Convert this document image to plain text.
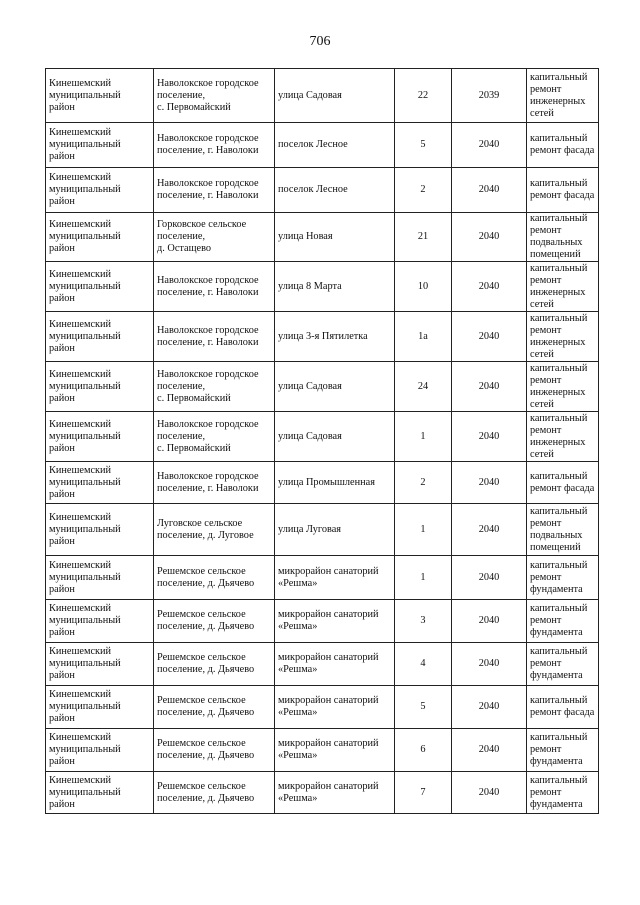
706
Кинешемский
муниципальный
район	Наволокское городское
поселение,
с. Первомайский	улица Садовая	22	2039	капитальный
ремонт
инженерных
сетей
Кинешемский
муниципальный
район	Наволокское городское
поселение, г. Наволоки	поселок Лесное	5	2040	капитальный
ремонт фасада
Кинешемский
муниципальный
район	Наволокское городское
поселение, г. Наволоки	поселок Лесное	2	2040	капитальный
ремонт фасада
Кинешемский
муниципальный
район	Горковское сельское
поселение,
д. Остащево	улица Новая	21	2040	капитальный
ремонт
подвальных
помещений
Кинешемский
муниципальный
район	Наволокское городское
поселение, г. Наволоки	улица 8 Марта	10	2040	капитальный
ремонт
инженерных
сетей
Кинешемский
муниципальный
район	Наволокское городское
поселение, г. Наволоки	улица 3-я Пятилетка	1а	2040	капитальный
ремонт
инженерных
сетей
Кинешемский
муниципальный
район	Наволокское городское
поселение,
с. Первомайский	улица Садовая	24	2040	капитальный
ремонт
инженерных
сетей
Кинешемский
муниципальный
район	Наволокское городское
поселение,
с. Первомайский	улица Садовая	1	2040	капитальный
ремонт
инженерных
сетей
Кинешемский
муниципальный
район	Наволокское городское
поселение, г. Наволоки	улица Промышленная	2	2040	капитальный
ремонт фасада
Кинешемский
муниципальный
район	Луговское сельское
поселение, д. Луговое	улица Луговая	1	2040	капитальный
ремонт
подвальных
помещений
Кинешемский
муниципальный
район	Решемское сельское
поселение, д. Дьячево	микрорайон санаторий
«Решма»	1	2040	капитальный
ремонт
фундамента
Кинешемский
муниципальный
район	Решемское сельское
поселение, д. Дьячево	микрорайон санаторий
«Решма»	3	2040	капитальный
ремонт
фундамента
Кинешемский
муниципальный
район	Решемское сельское
поселение, д. Дьячево	микрорайон санаторий
«Решма»	4	2040	капитальный
ремонт
фундамента
Кинешемский
муниципальный
район	Решемское сельское
поселение, д. Дьячево	микрорайон санаторий
«Решма»	5	2040	капитальный
ремонт фасада
Кинешемский
муниципальный
район	Решемское сельское
поселение, д. Дьячево	микрорайон санаторий
«Решма»	6	2040	капитальный
ремонт
фундамента
Кинешемский
муниципальный
район	Решемское сельское
поселение, д. Дьячево	микрорайон санаторий
«Решма»	7	2040	капитальный
ремонт
фундамента
